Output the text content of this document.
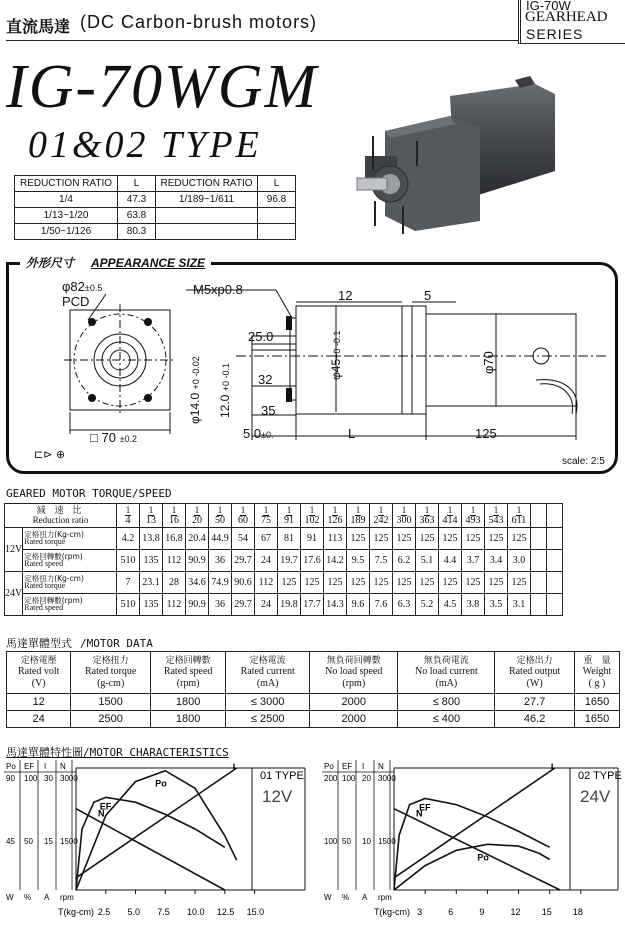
直流馬達 (DC Carbon-brush motors)
IG-70W
GEARHEAD
SERIES
IG-70WGM
01&02 TYPE
REDUCTION RATIO	L	REDUCTION RATIO	L
1/4	47.3	1/189~1/611	96.8
1/13~1/20	63.8		
1/50~1/126	80.3		
外形尺寸 APPEARANCE SIZE
φ82±0.5
PCD
□ 70 ±0.2
M5xp0.8	12	5
25.0
32
35
5.0±0.
φ14.0 +0 -0.02
12.0 +0 -0.1	φ45+0 -0.1
φ70
L	125
⊏⊳ ⊕
scale: 2:5
GEARED MOTOR TORQUE/SPEED
減 速 比
Reduction ratio		$\frac{1}{4}$	$\frac{1}{13}$	$\frac{1}{16}$	$\frac{1}{20}$	$\frac{1}{50}$	$\frac{1}{60}$	$\frac{1}{75}$	$\frac{1}{91}$	$\frac{1}{102}$	$\frac{1}{126}$	$\frac{1}{189}$	$\frac{1}{242}$	$\frac{1}{300}$	$\frac{1}{363}$	$\frac{1}{414}$	$\frac{1}{493}$	$\frac{1}{543}$	$\frac{1}{611}$

12V	定格扭力(Kg-cm)
Rated torque	4.2	13.8	16.8	20.4	44.9	54	67	81	91	113	125	125	125	125	125	125	125	125		

	定格回轉數(rpm)
Rated speed	510	135	112	90.9	36	29.7	24	19.7	17.6	14.2	9.5	7.5	6.2	5.1	4.4	3.7	3.4	3.0		
24V	定格扭力(Kg-cm)
Rated torque	7	23.1	28	34.6	74.9	90.6	112	125	125	125	125	125	125	125	125	125	125	125		

	定格回轉數(rpm)
Rated speed	510	135	112	90.9	36	29.7	24	19.8	17.7	14.3	9.6	7.6	6.3	5.2	4.5	3.8	3.5	3.1		
馬達單體型式 /MOTOR DATA
定格電壓
Rated volt
(V)	定格扭力
Rated torque
(g-cm)	定格回轉數
Rated speed
(rpm)	定格電流
Rated current
(mA)	無負荷回轉數
No load speed
(rpm)	無負荷電流
No load current
(mA)	定格出力
Rated output
(W)	重　量
Weight
( g )

12	1500	1800	≤ 3000	2000	≤ 800	27.7	1650
24	2500	1800	≤ 2500	2000	≤ 400	46.2	1650
馬達單體特性圖/MOTOR CHARACTERISTICS
Po EF I N
90 100 30 3000
45 50 15 1500
W % A rpm
01 TYPE
12V
2.5 5.0 7.5 10.0 12.5 15.0
T(kg-cm)
Po
EF
I
N
Po EF I N
200 100 20 3000
100 50 10 1500
W % A rpm
02 TYPE
24V
3	6	9	12 15 18
T(kg-cm)
Po
EF
I
N
